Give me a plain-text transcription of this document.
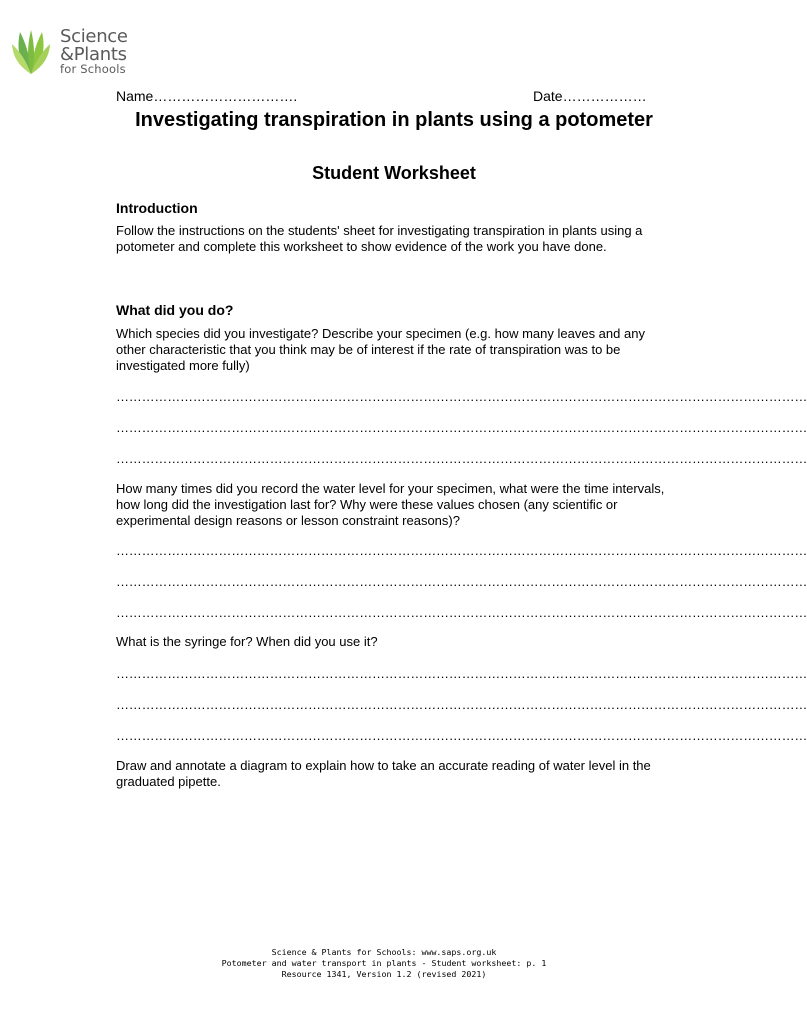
Science
&Plants
for Schools
Name………………………….	Date………………
Investigating transpiration in plants using a potometer
Student Worksheet
Introduction
Follow the instructions on the students' sheet for investigating transpiration in plants using a potometer and complete this worksheet to show evidence of the work you have done.
What did you do?
Which species did you investigate? Describe your specimen (e.g. how many leaves and any other characteristic that you think may be of interest if the rate of transpiration was to be investigated more fully)
………………………………………………………………………………………………………………………………………………
………………………………………………………………………………………………………………………………………………
………………………………………………………………………………………………………………………………………………
How many times did you record the water level for your specimen, what were the time intervals, how long did the investigation last for? Why were these values chosen (any scientific or experimental design reasons or lesson constraint reasons)?
………………………………………………………………………………………………………………………………………………
………………………………………………………………………………………………………………………………………………
………………………………………………………………………………………………………………………………………………
What is the syringe for? When did you use it?
………………………………………………………………………………………………………………………………………………
………………………………………………………………………………………………………………………………………………
………………………………………………………………………………………………………………………………………………
Draw and annotate a diagram to explain how to take an accurate reading of water level in the graduated pipette.
Science & Plants for Schools: www.saps.org.uk
Potometer and water transport in plants - Student worksheet: p. 1
Resource 1341, Version 1.2 (revised 2021)
